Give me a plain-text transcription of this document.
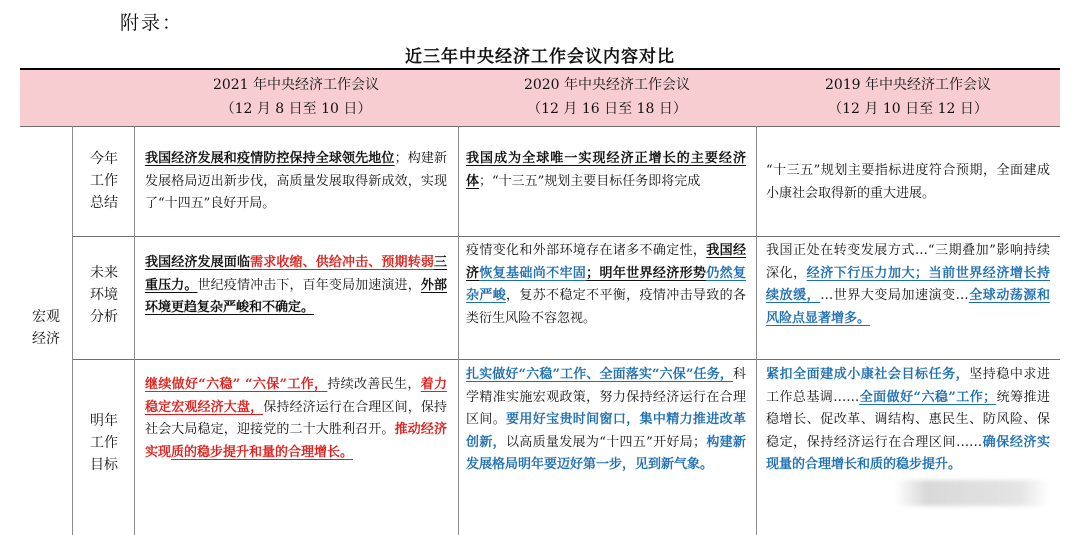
附录：
近三年中央经济工作会议内容对比
2021 年中央经济工作会议
（12 月 8 日至 10 日）
2020 年中央经济工作会议
（12 月 16 日至 18 日）
2019 年中央经济工作会议
（12 月 10 日至 12 日）
宏观
经济
今年
工作
总结
未来
环境
分析
明年
工作
目标
我国经济发展和疫情防控保持全球领先地位；构建新发展格局迈出新步伐，高质量发展取得新成效，实现了“十四五”良好开局。
我国成为全球唯一实现经济正增长的主要经济体；“十三五”规划主要目标任务即将完成
“十三五”规划主要指标进度符合预期，全面建成小康社会取得新的重大进展。
我国经济发展面临需求收缩、供给冲击、预期转弱三重压力。世纪疫情冲击下，百年变局加速演进，外部环境更趋复杂严峻和不确定。
疫情变化和外部环境存在诸多不确定性，我国经济恢复基础尚不牢固；明年世界经济形势仍然复杂严峻，复苏不稳定不平衡，疫情冲击导致的各类衍生风险不容忽视。
我国正处在转变发展方式…“三期叠加”影响持续深化，经济下行压力加大；当前世界经济增长持续放缓，…世界大变局加速演变…全球动荡源和风险点显著增多。
继续做好“六稳” “六保”工作，持续改善民生，着力稳定宏观经济大盘，保持经济运行在合理区间，保持社会大局稳定，迎接党的二十大胜利召开。推动经济实现质的稳步提升和量的合理增长。
扎实做好“六稳”工作、全面落实“六保”任务，科学精准实施宏观政策，努力保持经济运行在合理区间。要用好宝贵时间窗口，集中精力推进改革创新，以高质量发展为“十四五”开好局；构建新发展格局明年要迈好第一步，见到新气象。
紧扣全面建成小康社会目标任务，坚持稳中求进工作总基调……全面做好“六稳”工作；统筹推进稳增长、促改革、调结构、惠民生、防风险、保稳定，保持经济运行在合理区间……确保经济实现量的合理增长和质的稳步提升。
